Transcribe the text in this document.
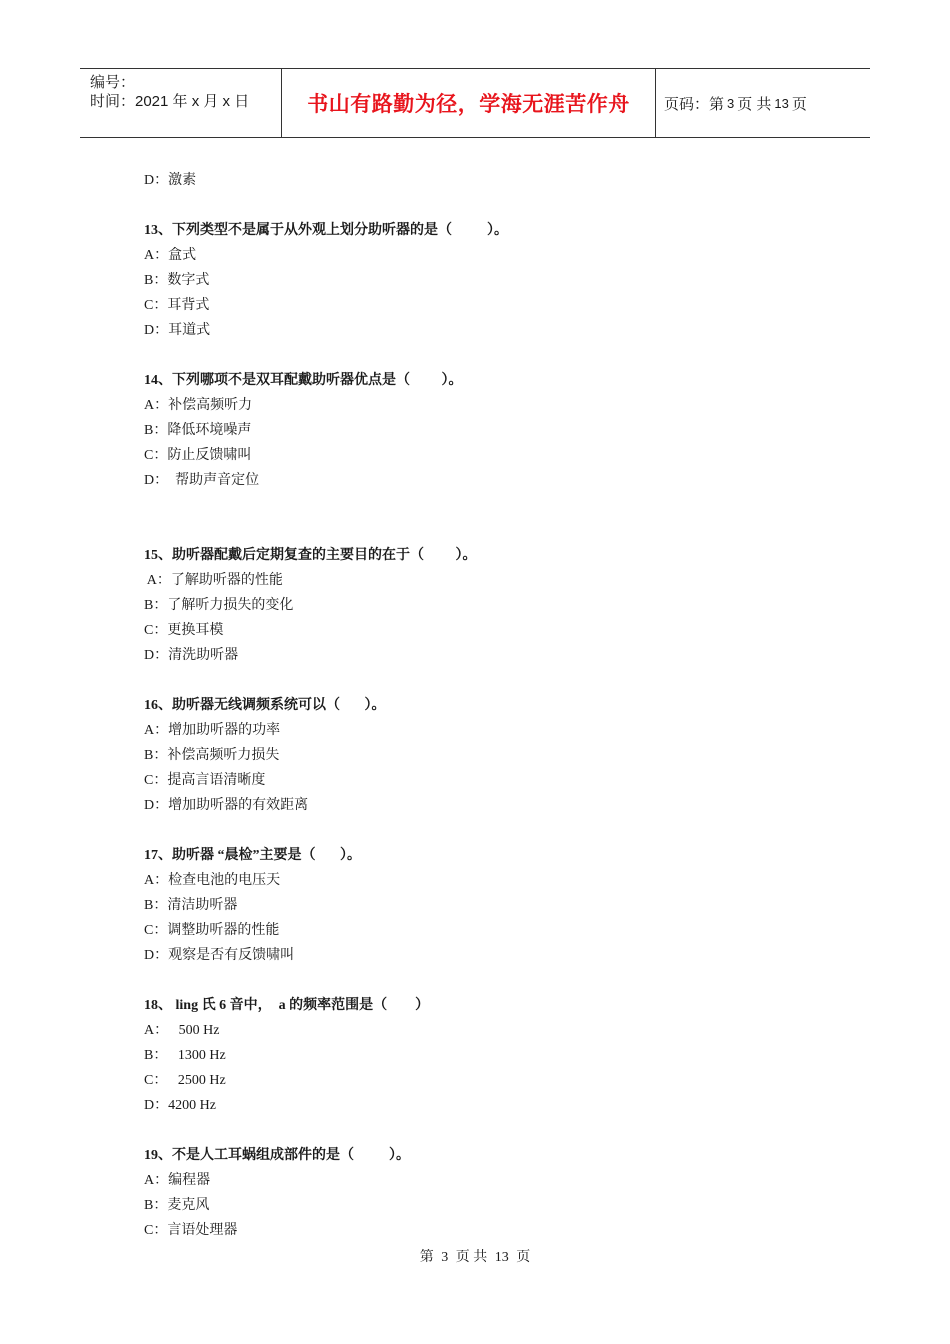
编号：
时间：2021 年 x 月 x 日	书山有路勤为径，学海无涯苦作舟	页码：第 3 页 共 13 页
D：激素
13、下列类型不是属于从外观上划分助听器的是（          ）。
A：盒式
B：数字式
C：耳背式
D：耳道式
14、下列哪项不是双耳配戴助听器优点是（         ）。
A：补偿高频听力
B：降低环境噪声
C：防止反馈啸叫
D：  帮助声音定位
15、助听器配戴后定期复查的主要目的在于（         ）。
A：了解助听器的性能
B：了解听力损失的变化
C：更换耳模
D：清洗助听器
16、助听器无线调频系统可以（       ）。
A：增加助听器的功率
B：补偿高频听力损失
C：提高言语清晰度
D：增加助听器的有效距离
17、助听器 “晨检”主要是（       ）。
A：检查电池的电压天
B：清洁助听器
C：调整助听器的性能
D：观察是否有反馈啸叫
18、 ling 氏 6 音中，  a 的频率范围是（        ）
A：   500 Hz
B：   1300 Hz
C：   2500 Hz
D：4200 Hz
19、不是人工耳蜗组成部件的是（          ）。
A：编程器
B：麦克风
C：言语处理器
第 3 页 共 13 页
